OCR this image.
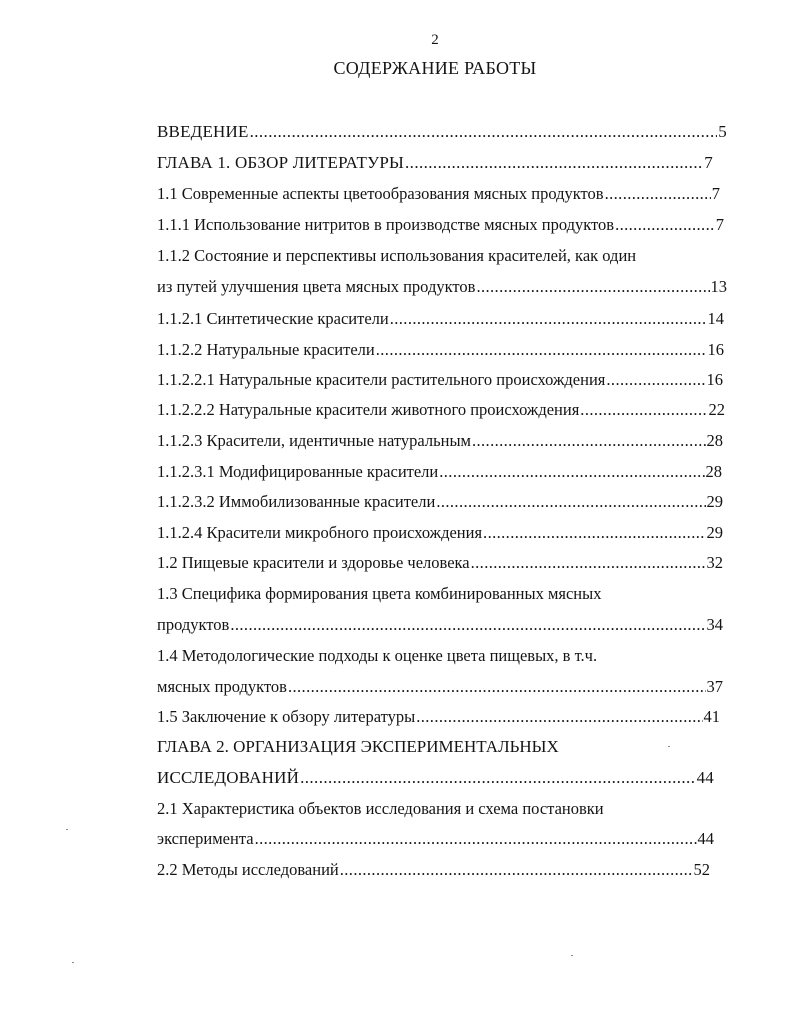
2
СОДЕРЖАНИЕ РАБОТЫ
ВВЕДЕНИЕ .....	5
ГЛАВА 1. ОБЗОР ЛИТЕРАТУРЫ .....	7
1.1 Современные аспекты цветообразования мясных продуктов .....	7
1.1.1 Использование нитритов в производстве мясных продуктов .....	7
1.1.2 Состояние и перспективы использования красителей, как один
из путей улучшения цвета мясных продуктов .....	13
1.1.2.1 Синтетические красители .....	14
1.1.2.2 Натуральные красители .....	16
1.1.2.2.1 Натуральные красители растительного происхождения .....	16
1.1.2.2.2 Натуральные красители животного происхождения .....	22
1.1.2.3 Красители, идентичные натуральным .....	28
1.1.2.3.1 Модифицированные красители .....	28
1.1.2.3.2 Иммобилизованные красители .....	29
1.1.2.4 Красители микробного происхождения .....	29
1.2 Пищевые красители и здоровье человека .....	32
1.3 Специфика формирования цвета комбинированных мясных
продуктов .....	34
1.4 Методологические подходы к оценке цвета пищевых, в т.ч.
мясных продуктов .....	37
1.5 Заключение к обзору литературы .....	41
ГЛАВА 2. ОРГАНИЗАЦИЯ ЭКСПЕРИМЕНТАЛЬНЫХ
ИССЛЕДОВАНИЙ .....	44
2.1 Характеристика объектов исследования и схема постановки
эксперимента .....	44
2.2 Методы исследований .....	52
